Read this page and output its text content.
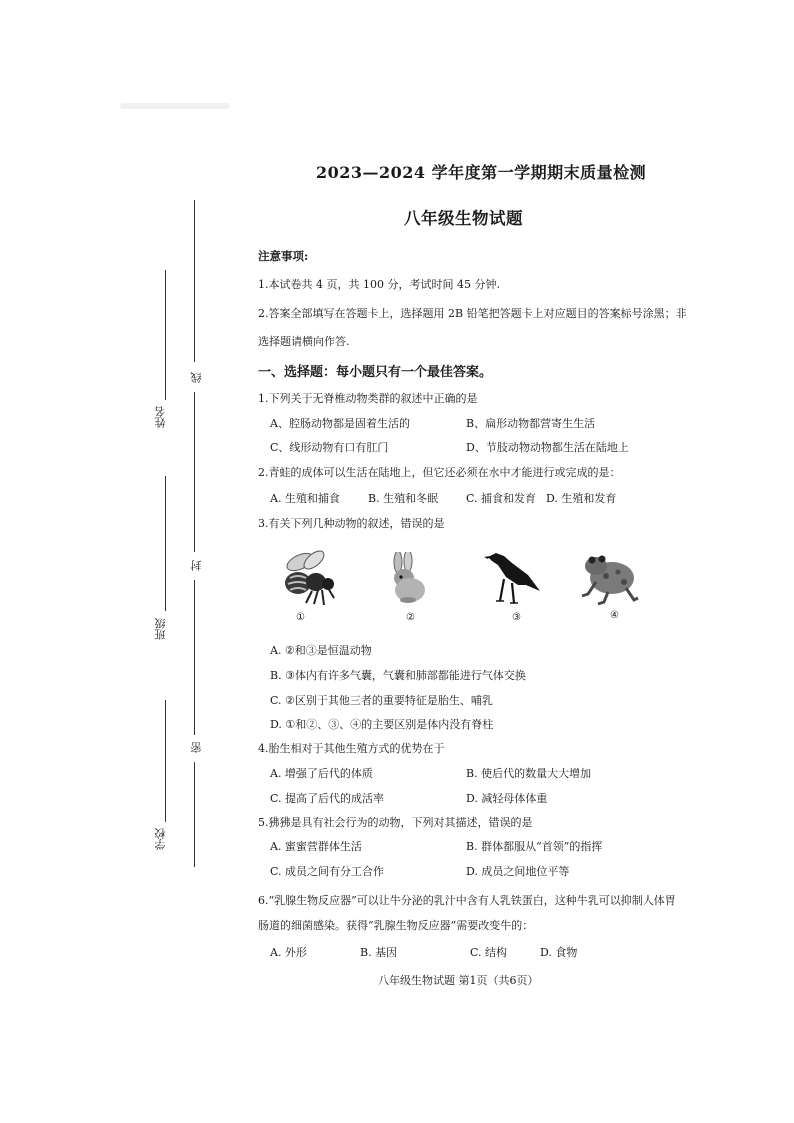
线
封
密
姓名
班级
学校
2023—2024 学年度第一学期期末质量检测
八年级生物试题
注意事项:
1.本试卷共 4 页，共 100 分，考试时间 45 分钟.
2.答案全部填写在答题卡上，选择题用 2B 铅笔把答题卡上对应题目的答案标号涂黑；非
选择题请横向作答.
一、选择题：每小题只有一个最佳答案。
1.下列关于无脊椎动物类群的叙述中正确的是
A、腔肠动物都是固着生活的	B、扁形动物都营寄生生活
C、线形动物有口有肛门	D、节肢动物动物都生活在陆地上
2.青蛙的成体可以生活在陆地上，但它还必须在水中才能进行或完成的是：
A. 生殖和捕食	B. 生殖和冬眠	C. 捕食和发育 D. 生殖和发育
3.有关下列几种动物的叙述，错误的是
①	②	③	④
A. ②和③是恒温动物
B. ③体内有许多气囊，气囊和肺部都能进行气体交换
C. ②区别于其他三者的重要特征是胎生、哺乳
D. ①和②、③、④的主要区别是体内没有脊柱
4.胎生相对于其他生殖方式的优势在于
A. 增强了后代的体质	B. 使后代的数量大大增加
C. 提高了后代的成活率	D. 减轻母体体重
5.狒狒是具有社会行为的动物，下列对其描述，错误的是
A. 蜜蜜营群体生活	B. 群体都服从“首领”的指挥
C. 成员之间有分工合作	D. 成员之间地位平等
6.“乳腺生物反应器”可以让牛分泌的乳汁中含有人乳铁蛋白，这种牛乳可以抑制人体胃
肠道的细菌感染。获得“乳腺生物反应器”需要改变牛的：
A. 外形	B. 基因	C. 结构	D. 食物
八年级生物试题 第1页（共6页）
